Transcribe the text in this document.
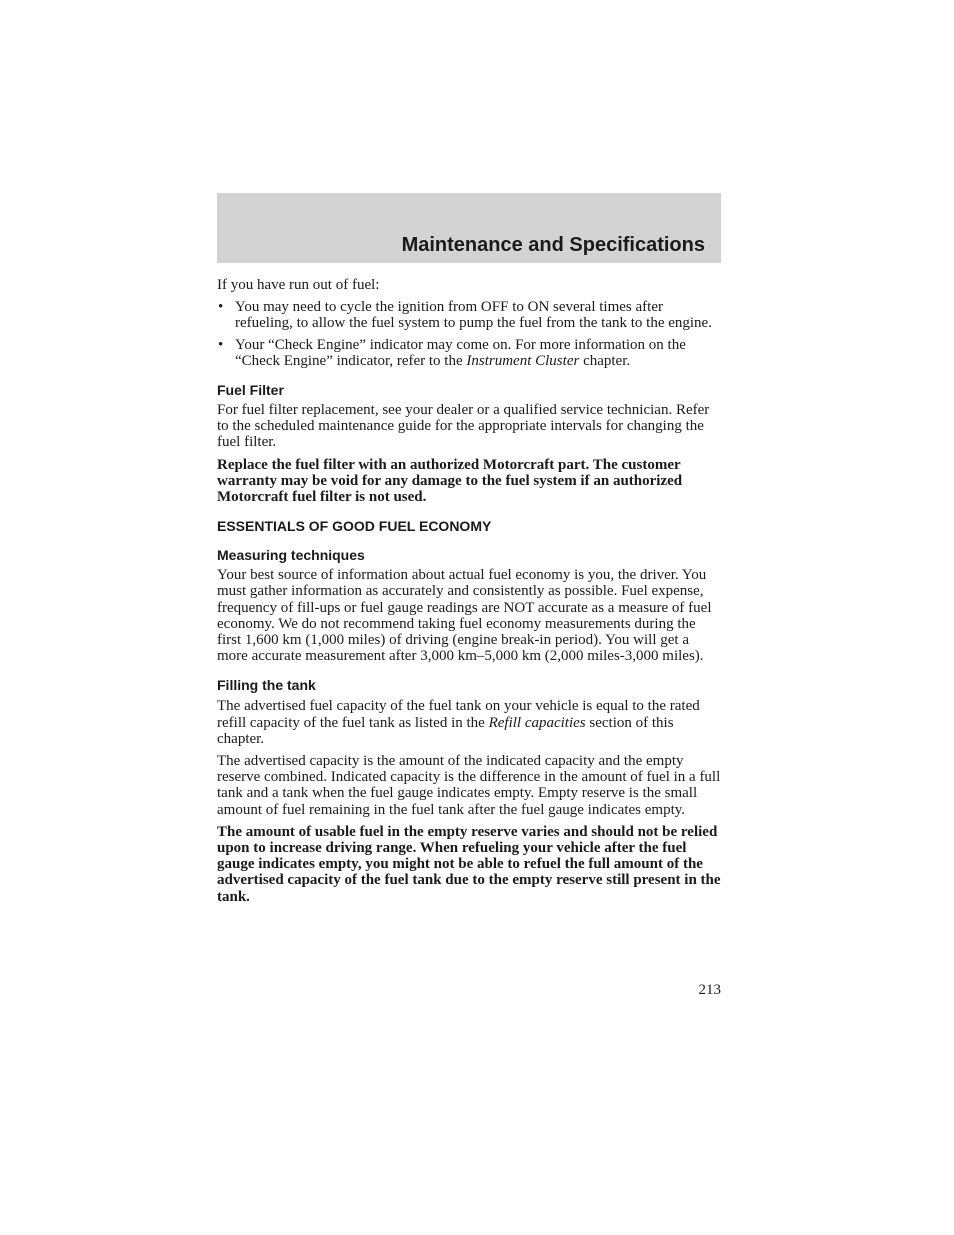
Maintenance and Specifications

If you have run out of fuel:

• You may need to cycle the ignition from OFF to ON several times after refueling, to allow the fuel system to pump the fuel from the tank to the engine.
• Your “Check Engine” indicator may come on. For more information on the “Check Engine” indicator, refer to the Instrument Cluster chapter.
Fuel Filter

For fuel filter replacement, see your dealer or a qualified service technician. Refer to the scheduled maintenance guide for the appropriate intervals for changing the fuel filter.

Replace the fuel filter with an authorized Motorcraft part. The customer warranty may be void for any damage to the fuel system if an authorized Motorcraft fuel filter is not used.

ESSENTIALS OF GOOD FUEL ECONOMY
Measuring techniques

Your best source of information about actual fuel economy is you, the driver. You must gather information as accurately and consistently as possible. Fuel expense, frequency of fill-ups or fuel gauge readings are NOT accurate as a measure of fuel economy. We do not recommend taking fuel economy measurements during the first 1,600 km (1,000 miles) of driving (engine break-in period). You will get a more accurate measurement after 3,000 km–5,000 km (2,000 miles-3,000 miles).

Filling the tank

The advertised fuel capacity of the fuel tank on your vehicle is equal to the rated refill capacity of the fuel tank as listed in the Refill capacities section of this chapter.

The advertised capacity is the amount of the indicated capacity and the empty reserve combined. Indicated capacity is the difference in the amount of fuel in a full tank and a tank when the fuel gauge indicates empty. Empty reserve is the small amount of fuel remaining in the fuel tank after the fuel gauge indicates empty.

The amount of usable fuel in the empty reserve varies and should not be relied upon to increase driving range. When refueling your vehicle after the fuel gauge indicates empty, you might not be able to refuel the full amount of the advertised capacity of the fuel tank due to the empty reserve still present in the tank.

213
